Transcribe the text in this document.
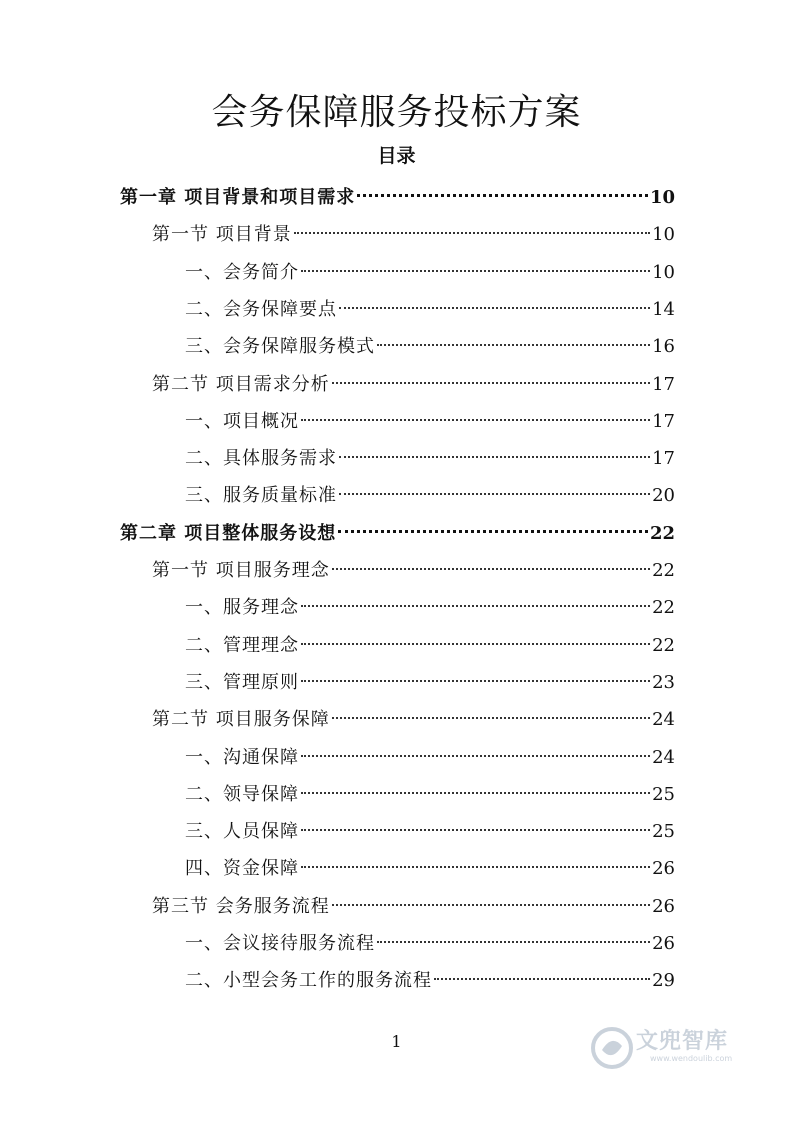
会务保障服务投标方案
目录
第一章 项目背景和项目需求	10
第一节 项目背景	10
一、会务简介	10
二、会务保障要点	14
三、会务保障服务模式	16
第二节 项目需求分析	17
一、项目概况	17
二、具体服务需求	17
三、服务质量标准	20
第二章 项目整体服务设想	22
第一节 项目服务理念	22
一、服务理念	22
二、管理理念	22
三、管理原则	23
第二节 项目服务保障	24
一、沟通保障	24
二、领导保障	25
三、人员保障	25
四、资金保障	26
第三节 会务服务流程	26
一、会议接待服务流程	26
二、小型会务工作的服务流程	29
1	文兜智库
www.wendoulib.com
